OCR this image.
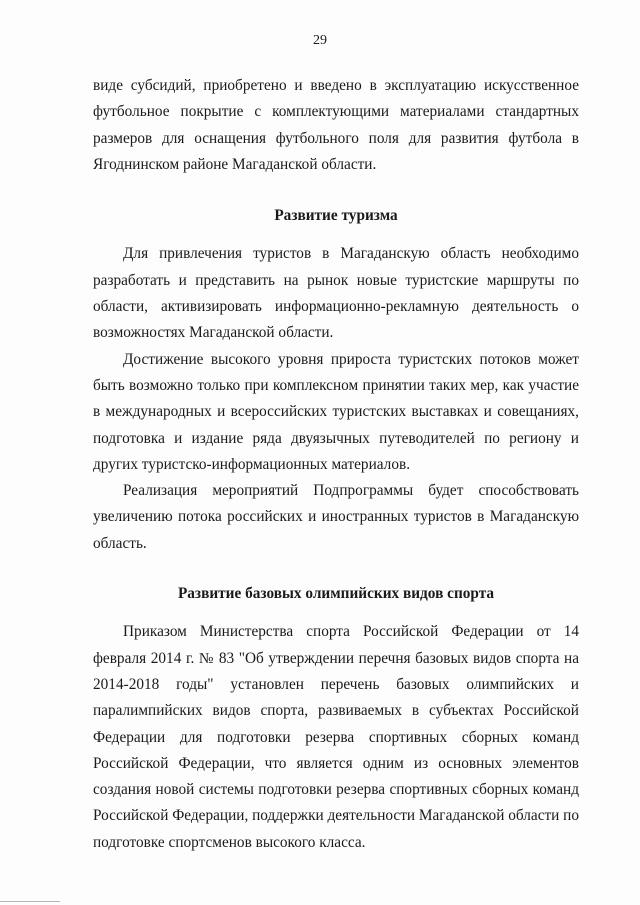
29

виде субсидий, приобретено и введено в эксплуатацию искусственное футбольное покрытие с комплектующими материалами стандартных размеров для оснащения футбольного поля для развития футбола в Ягоднинском районе Магаданской области.

Развитие туризма

Для привлечения туристов в Магаданскую область необходимо разработать и представить на рынок новые туристские маршруты по области, активизировать информационно-рекламную деятельность о возможностях Магаданской области.

Достижение высокого уровня прироста туристских потоков может быть возможно только при комплексном принятии таких мер, как участие в международных и всероссийских туристских выставках и совещаниях, подготовка и издание ряда двуязычных путеводителей по региону и других туристско-информационных материалов.

Реализация мероприятий Подпрограммы будет способствовать увеличению потока российских и иностранных туристов в Магаданскую область.

Развитие базовых олимпийских видов спорта

Приказом Министерства спорта Российской Федерации от 14 февраля 2014 г. № 83 "Об утверждении перечня базовых видов спорта на 2014-2018 годы" установлен перечень базовых олимпийских и паралимпийских видов спорта, развиваемых в субъектах Российской Федерации для подготовки резерва спортивных сборных команд Российской Федерации, что является одним из основных элементов создания новой системы подготовки резерва спортивных сборных команд Российской Федерации, поддержки деятельности Магаданской области по подготовке спортсменов высокого класса.
